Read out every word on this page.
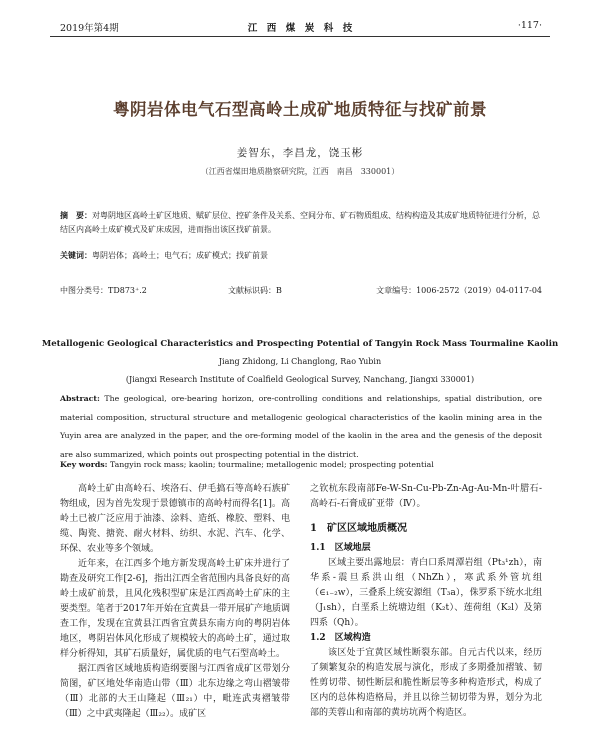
2019年第4期	江　西　煤　炭　科　技	·117·
粤阴岩体电气石型高岭土成矿地质特征与找矿前景
姜智东，李昌龙，饶玉彬
（江西省煤田地质勘察研究院，江西　南昌　330001）
摘　要：对粤阴地区高岭土矿区地质、赋矿层位、控矿条件及关系、空间分布、矿石物质组成、结构构造及其成矿地质特征进行分析，总结区内高岭土成矿模式及矿床成因，进而指出该区找矿前景。
关键词：粤阴岩体；高岭土；电气石；成矿模式；找矿前景
中图分类号：TD873⁺.2	文献标识码：B	文章编号：1006-2572（2019）04-0117-04
Metallogenic Geological Characteristics and Prospecting Potential of Tangyin Rock Mass Tourmaline Kaolin
Jiang Zhidong, Li Changlong, Rao Yubin
(Jiangxi Research Institute of Coalfield Geological Survey, Nanchang, Jiangxi 330001)
Abstract: The geological, ore-bearing horizon, ore-controlling conditions and relationships, spatial distribution, ore material composition, structural structure and metallogenic geological characteristics of the kaolin mining area in the Yuyin area are analyzed in the paper, and the ore-forming model of the kaolin in the area and the genesis of the deposit are also summarized, which points out prospecting potential in the district.
Key words: Tangyin rock mass; kaolin; tourmaline; metallogenic model; prospecting potential

高岭土矿由高岭石、埃洛石、伊毛搞石等高岭石族矿物组成，因为首先发现于景德镇市的高岭村而得名[1]。高岭土已被广泛应用于油漆、涂料、造纸、橡胶、塑料、电缆、陶瓷、搪瓷、耐火材料、纺织、水泥、汽车、化学、环保、农业等多个领域。

近年来，在江西多个地方新发现高岭土矿床并进行了勘查及研究工作[2-6]，指出江西全省范围内具备良好的高岭土成矿前景，且风化残积型矿床是江西高岭土矿床的主要类型。笔者于2017年开始在宜黄县一带开展矿产地质调查工作，发现在宜黄县江西省宜黄县东南方向的粤阴岩体地区，粤阴岩体风化形成了规模较大的高岭土矿，通过取样分析得知，其矿石质量好，属优质的电气石型高岭土。

据江西省区域地质构造纲要图与江西省成矿区带划分简图，矿区地处华南造山带（Ⅲ）北东边缘之弯山褶皱带（Ⅲ）北部的大王山隆起（Ⅲ₂₁）中，毗连武夷褶皱带（Ⅲ）之中武夷隆起（Ⅲ₂₂）。成矿区

之钦杭东段南部Fe-W-Sn-Cu-Pb-Zn-Ag-Au-Mn-叶腊石-高岭石-石膏成矿亚带（Ⅳ）。

1　矿区区域地质概况

1.1　区域地层

区域主要出露地层：青白口系周潭岩组（Pt₃¹zh），南华系-震旦系洪山组（NhZh），寒武系外管坑组（∈₁₋₂w），三叠系上统安源组（T₃a），侏罗系下统水北组（J₁sh），白垩系上统塘边组（K₂t）、莲荷组（K₂l）及第四系（Qh）。

1.2　区域构造

该区处于宜黄区域性断裂东部。自元古代以来，经历了频繁复杂的构造发展与演化，形成了多期叠加褶皱、韧性剪切带、韧性断层和脆性断层等多种构造形式，构成了区内的总体构造格局，并且以徐兰韧切带为界，划分为北部的芙蓉山和南部的黄坊坑两个构造区。
